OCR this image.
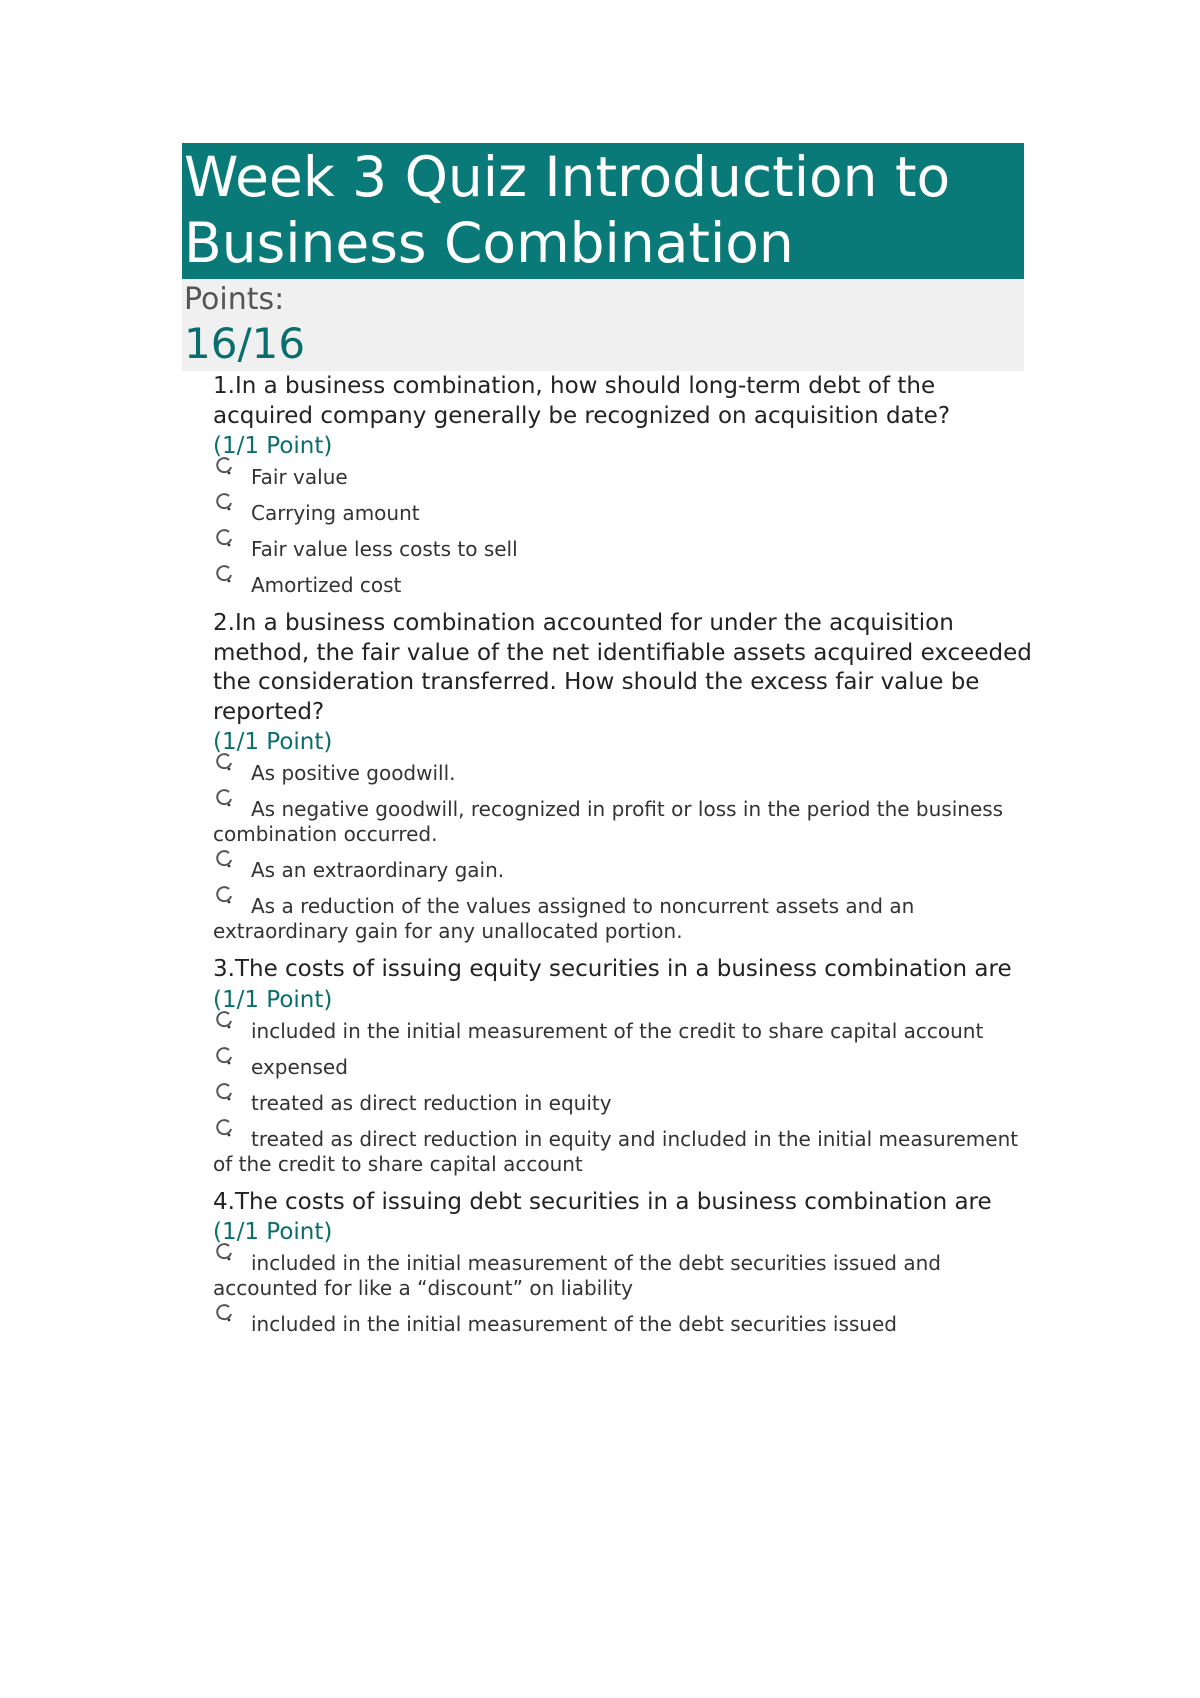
Week 3 Quiz Introduction to Business Combination
Points:
16/16

1.In a business combination, how should long-term debt of the acquired company generally be recognized on acquisition date?

(1/1 Point)

Fair value
Carrying amount
Fair value less costs to sell
Amortized cost

2.In a business combination accounted for under the acquisition method, the fair value of the net identifiable assets acquired exceeded the consideration transferred. How should the excess fair value be reported?

(1/1 Point)

As positive goodwill.
As negative goodwill, recognized in profit or loss in the period the business combination occurred.
As an extraordinary gain.
As a reduction of the values assigned to noncurrent assets and an extraordinary gain for any unallocated portion.

3.The costs of issuing equity securities in a business combination are

(1/1 Point)

included in the initial measurement of the credit to share capital account
expensed
treated as direct reduction in equity
treated as direct reduction in equity and included in the initial measurement of the credit to share capital account

4.The costs of issuing debt securities in a business combination are

(1/1 Point)

included in the initial measurement of the debt securities issued and accounted for like a “discount” on liability
included in the initial measurement of the debt securities issued
